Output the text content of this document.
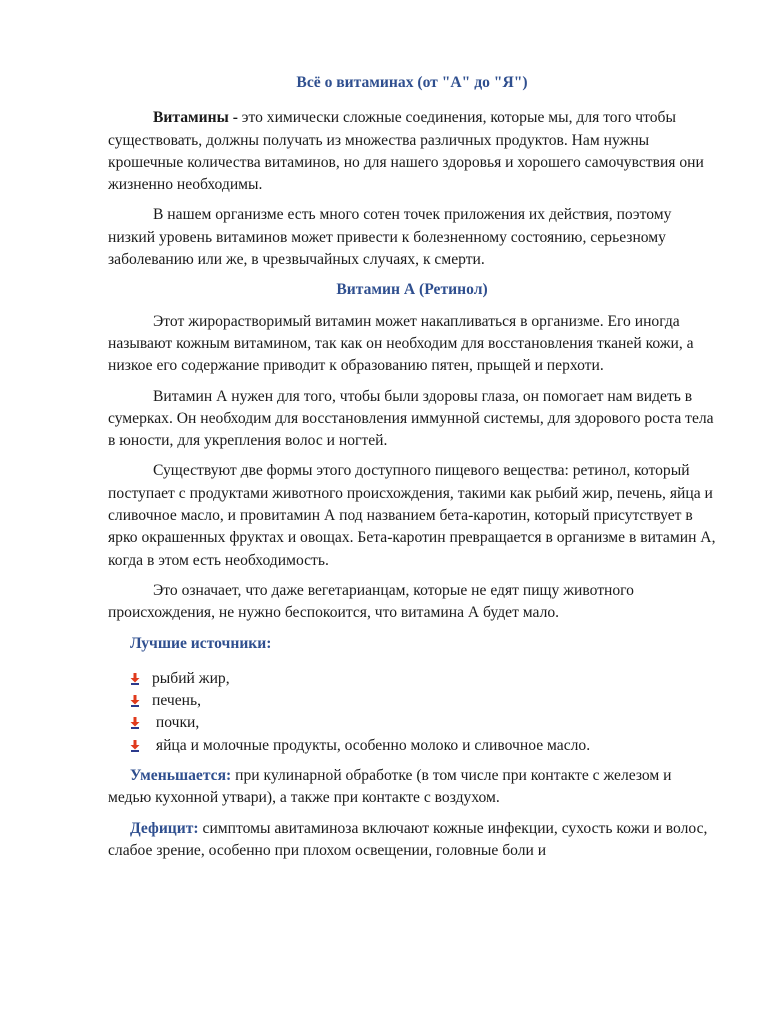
Всё о витаминах (от "А" до "Я")

Витамины - это химически сложные соединения, которые мы, для того чтобы существовать, должны получать из множества различных продуктов. Нам нужны крошечные количества витаминов, но для нашего здоровья и хорошего самочувствия они жизненно необходимы.

В нашем организме есть много сотен точек приложения их действия, поэтому низкий уровень витаминов может привести к болезненному состоянию, серьезному заболеванию или же, в чрезвычайных случаях, к смерти.

Витамин А (Ретинол)

Этот жирорастворимый витамин может накапливаться в организме. Его иногда называют кожным витамином, так как он необходим для восстановления тканей кожи, а низкое его содержание приводит к образованию пятен, прыщей и перхоти.

Витамин А нужен для того, чтобы были здоровы глаза, он помогает нам видеть в сумерках. Он необходим для восстановления иммунной системы, для здорового роста тела в юности, для укрепления волос и ногтей.

Существуют две формы этого доступного пищевого вещества: ретинол, который поступает с продуктами животного происхождения, такими как рыбий жир, печень, яйца и сливочное масло, и провитамин А под названием бета-каротин, который присутствует в ярко окрашенных фруктах и овощах. Бета-каротин превращается в организме в витамин А, когда в этом есть необходимость.

Это означает, что даже вегетарианцам, которые не едят пищу животного происхождения, не нужно беспокоится, что витамина А будет мало.

Лучшие источники:

рыбий жир,
печень,
почки,
яйца и молочные продукты, особенно молоко и сливочное масло.

Уменьшается: при кулинарной обработке (в том числе при контакте с железом и медью кухонной утвари), а также при контакте с воздухом.

Дефицит: симптомы авитаминоза включают кожные инфекции, сухость кожи и волос, слабое зрение, особенно при плохом освещении, головные боли и
